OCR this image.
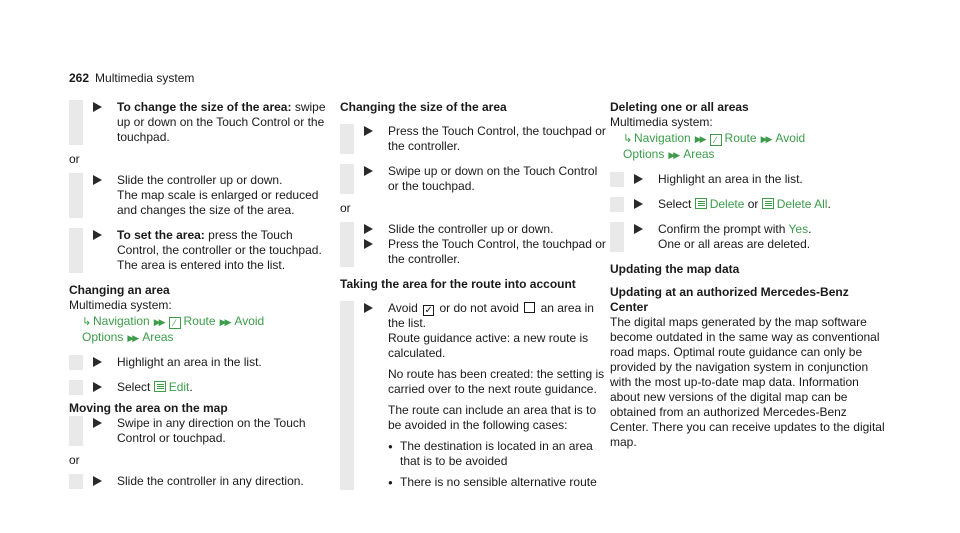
262 Multimedia system

To change the size of the area: swipe up or down on the Touch Control or the touchpad.

or

Slide the controller up or down.

The map scale is enlarged or reduced and changes the size of the area.

To set the area: press the Touch Control, the controller or the touchpad.

The area is entered into the list.

Changing an area

Multimedia system:

↳ Navigation ▶▶ ⁄ Route ▶▶ Avoid
Options ▶▶ Areas

Highlight an area in the list.

Select Edit.

Moving the area on the map

Swipe in any direction on the Touch Control or touchpad.

or

Slide the controller in any direction.

Changing the size of the area

Press the Touch Control, the touchpad or the controller.

Swipe up or down on the Touch Control or the touchpad.

or

Slide the controller up or down.

Press the Touch Control, the touchpad or the controller.

Taking the area for the route into account

Avoid ✓ or do not avoid an area in the list.
Route guidance active: a new route is calculated.

No route has been created: the setting is carried over to the next route guidance.

The route can include an area that is to be avoided in the following cases:

● The destination is located in an area that is to be avoided

● There is no sensible alternative route

Deleting one or all areas

Multimedia system:

↳ Navigation ▶▶ ⁄ Route ▶▶ Avoid
Options ▶▶ Areas

Highlight an area in the list.

Select Delete or Delete All.

Confirm the prompt with Yes.

One or all areas are deleted.

Updating the map data

Updating at an authorized Mercedes-Benz Center

The digital maps generated by the map software become outdated in the same way as conventional road maps. Optimal route guidance can only be provided by the navigation system in conjunction with the most up-to-date map data. Information about new versions of the digital map can be obtained from an authorized Mercedes-Benz Center. There you can receive updates to the digital map.
